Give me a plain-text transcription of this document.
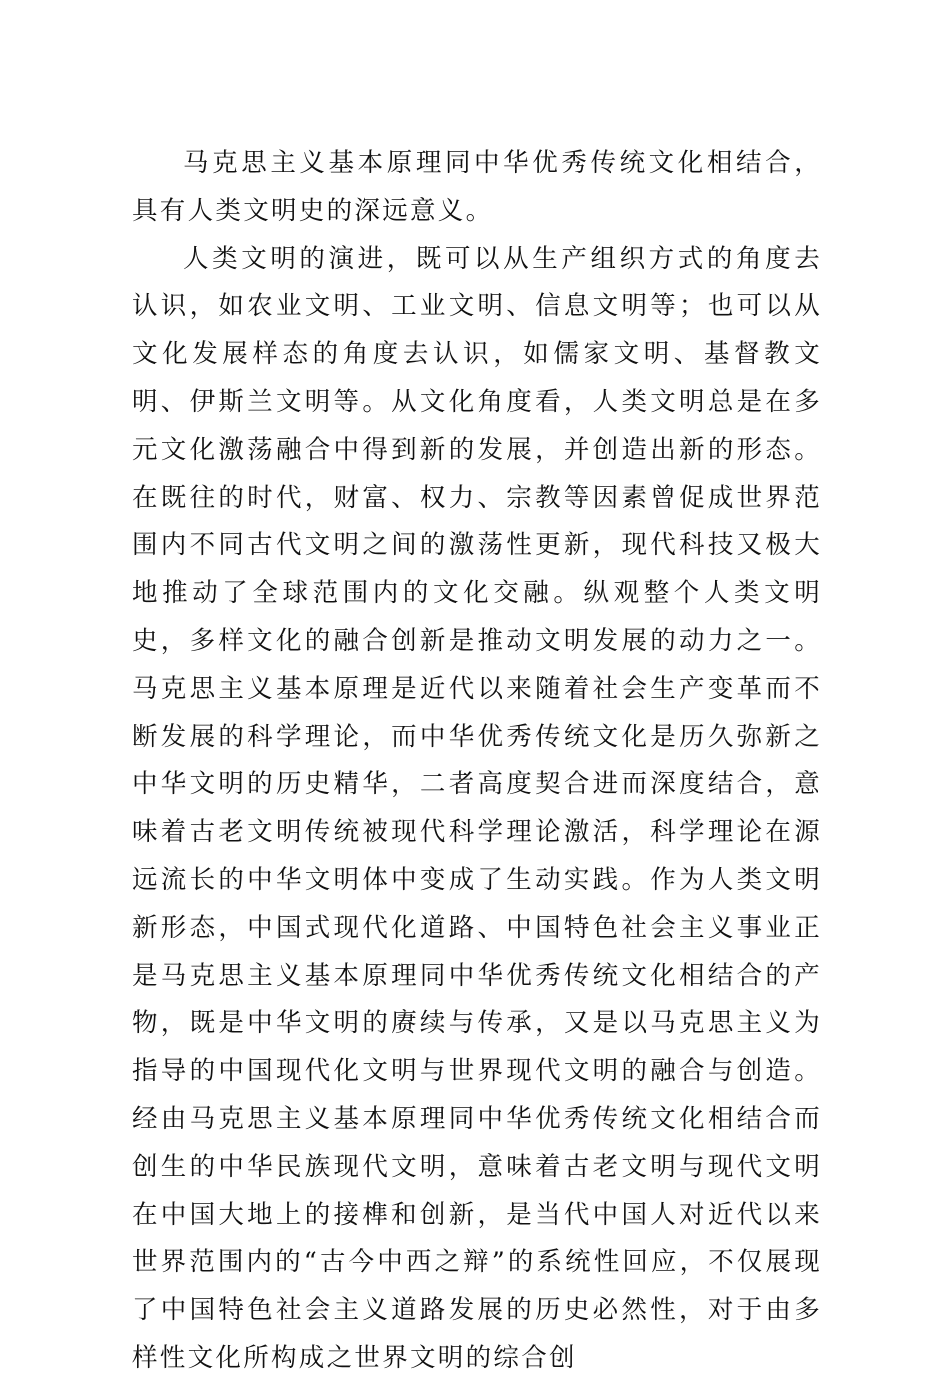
马克思主义基本原理同中华优秀传统文化相结合，具有人类文明史的深远意义。

人类文明的演进，既可以从生产组织方式的角度去认识，如农业文明、工业文明、信息文明等；也可以从文化发展样态的角度去认识，如儒家文明、基督教文明、伊斯兰文明等。从文化角度看，人类文明总是在多元文化激荡融合中得到新的发展，并创造出新的形态。在既往的时代，财富、权力、宗教等因素曾促成世界范围内不同古代文明之间的激荡性更新，现代科技又极大地推动了全球范围内的文化交融。纵观整个人类文明史，多样文化的融合创新是推动文明发展的动力之一。马克思主义基本原理是近代以来随着社会生产变革而不断发展的科学理论，而中华优秀传统文化是历久弥新之中华文明的历史精华，二者高度契合进而深度结合，意味着古老文明传统被现代科学理论激活，科学理论在源远流长的中华文明体中变成了生动实践。作为人类文明新形态，中国式现代化道路、中国特色社会主义事业正是马克思主义基本原理同中华优秀传统文化相结合的产物，既是中华文明的赓续与传承，又是以马克思主义为指导的中国现代化文明与世界现代文明的融合与创造。经由马克思主义基本原理同中华优秀传统文化相结合而创生的中华民族现代文明，意味着古老文明与现代文明在中国大地上的接榫和创新，是当代中国人对近代以来世界范围内的“古今中西之辩”的系统性回应，不仅展现了中国特色社会主义道路发展的历史必然性，对于由多样性文化所构成之世界文明的综合创
